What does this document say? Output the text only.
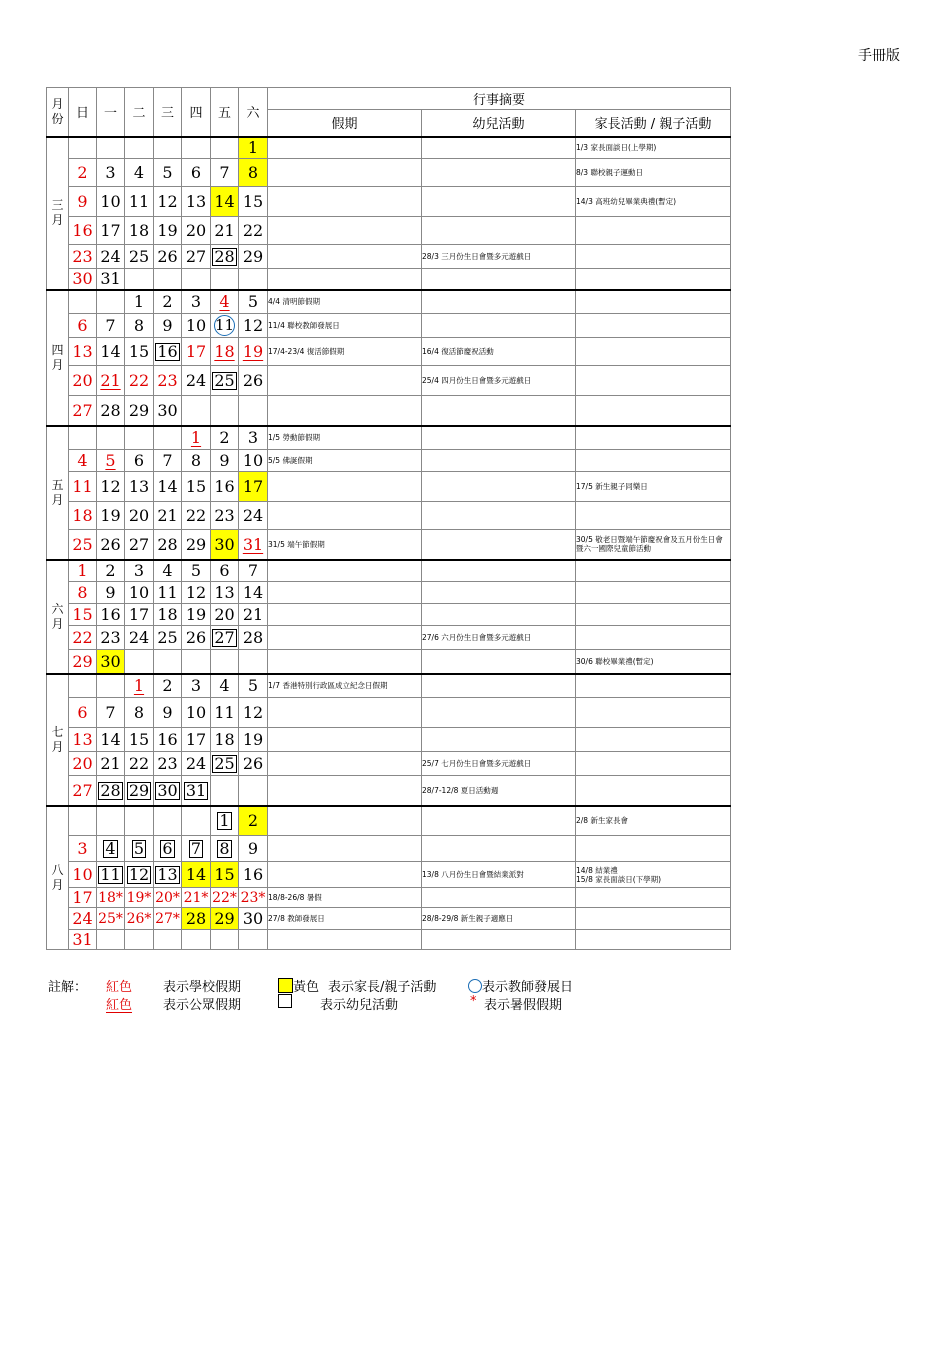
手冊版
月份	日	一	二	三	四	五	六	行事摘要		
								假期	幼兒活動	家長活動 / 親子活動
三月							1			1/3 家長面談日(上學期)
	2	3	4	5	6	7	8			8/3 聯校親子運動日
	9	10	11	12	13	14	15			14/3 高班幼兒畢業典禮(暫定)
	16	17	18	19	20	21	22			
	23	24	25	26	27	28	29		28/3 三月份生日會暨多元遊戲日	
	30	31								
四月			1	2	3	4	5	4/4 清明節假期		
	6	7	8	9	10	11	12	11/4 聯校教師發展日		
	13	14	15	16	17	18	19	17/4-23/4 復活節假期	16/4 復活節慶祝活動	
	20	21	22	23	24	25	26		25/4 四月份生日會暨多元遊戲日	
	27	28	29	30						
五月					1	2	3	1/5 勞動節假期		
	4	5	6	7	8	9	10	5/5 佛誕假期		
	11	12	13	14	15	16	17			17/5 新生親子同樂日
	18	19	20	21	22	23	24			
	25	26	27	28	29	30	31	31/5 端午節假期		30/5 敬老日暨端午節慶祝會及五月份生日會暨六一國際兒童節活動
六月	1	2	3	4	5	6	7			
	8	9	10	11	12	13	14			
	15	16	17	18	19	20	21			
	22	23	24	25	26	27	28		27/6 六月份生日會暨多元遊戲日	
	29	30								30/6 聯校畢業禮(暫定)
七月			1	2	3	4	5	1/7 香港特別行政區成立紀念日假期		
	6	7	8	9	10	11	12			
	13	14	15	16	17	18	19			
	20	21	22	23	24	25	26		25/7 七月份生日會暨多元遊戲日	
	27	28	29	30	31				28/7-12/8 夏日活動週	
八月						1	2			2/8 新生家長會
	3	4	5	6	7	8	9			
	10	11	12	13	14	15	16		13/8 八月份生日會暨結業派對	14/8 結業禮
15/8 家長面談日(下學期)
	17	18*	19*	20*	21*	22*	23*	18/8-26/8 暑假		
	24	25*	26*	27*	28	29	30	27/8 教師發展日	28/8-29/8 新生親子適應日	
	31									
註解： 紅色 表示學校假期	黃色 表示家長/親子活動	表示教師發展日
紅色 表示公眾假期	表示幼兒活動	* 表示暑假假期
